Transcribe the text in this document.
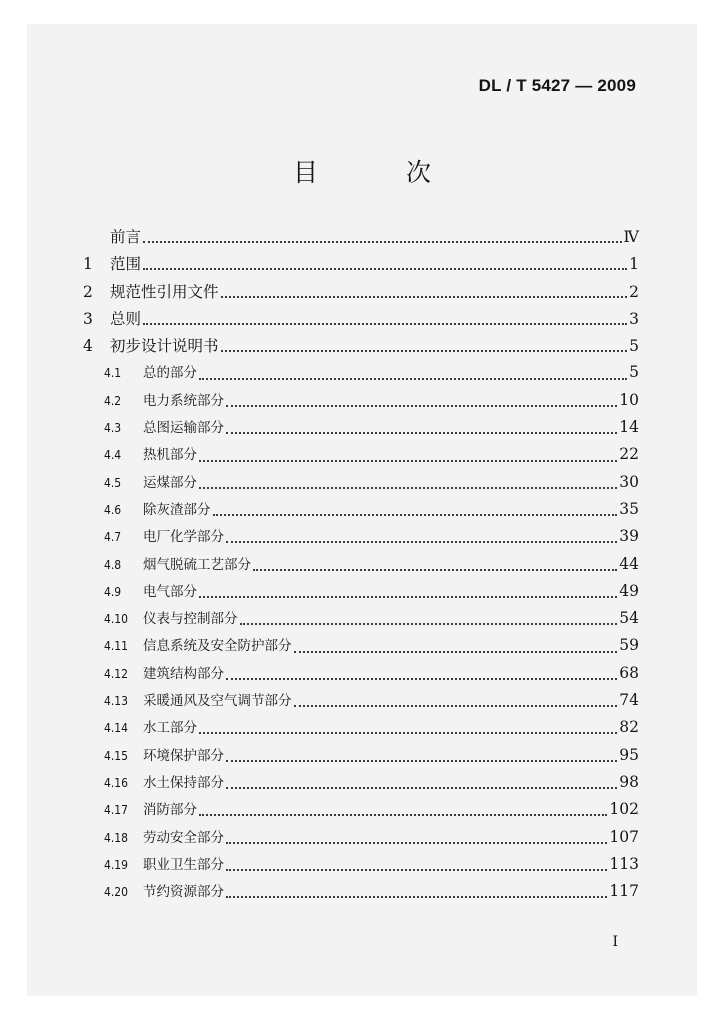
DL / T 5427 — 2009
目 次
前言	Ⅳ
1	范围	1
2	规范性引用文件	2
3	总则	3
4	初步设计说明书	5
4.1	总的部分	5
4.2	电力系统部分	10
4.3	总图运输部分	14
4.4	热机部分	22
4.5	运煤部分	30
4.6	除灰渣部分	35
4.7	电厂化学部分	39
4.8	烟气脱硫工艺部分	44
4.9	电气部分	49
4.10	仪表与控制部分	54
4.11	信息系统及安全防护部分	59
4.12	建筑结构部分	68
4.13	采暖通风及空气调节部分	74
4.14	水工部分	82
4.15	环境保护部分	95
4.16	水土保持部分	98
4.17	消防部分	102
4.18	劳动安全部分	107
4.19	职业卫生部分	113
4.20	节约资源部分	117
I
